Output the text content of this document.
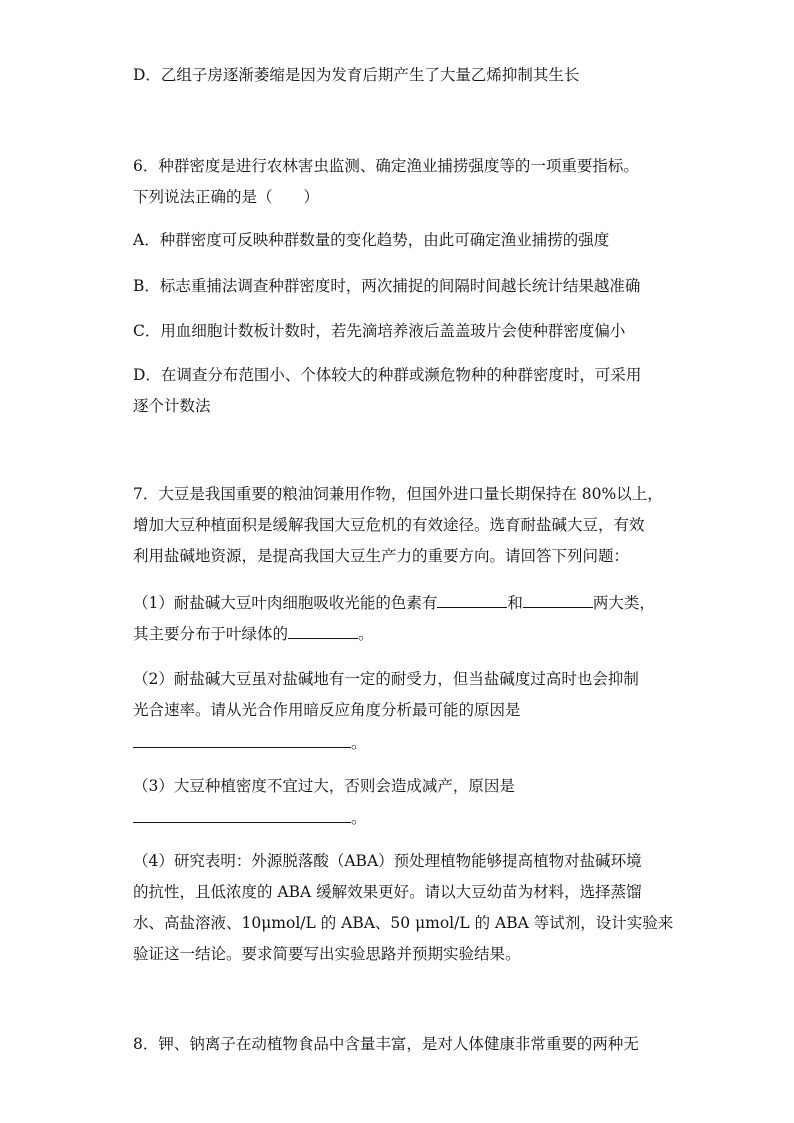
D．乙组子房逐渐萎缩是因为发育后期产生了大量乙烯抑制其生长
6．种群密度是进行农林害虫监测、确定渔业捕捞强度等的一项重要指标。
下列说法正确的是（　　）
A．种群密度可反映种群数量的变化趋势，由此可确定渔业捕捞的强度
B．标志重捕法调查种群密度时，两次捕捉的间隔时间越长统计结果越准确
C．用血细胞计数板计数时，若先滴培养液后盖盖玻片会使种群密度偏小
D．在调查分布范围小、个体较大的种群或濒危物种的种群密度时，可采用
逐个计数法
7．大豆是我国重要的粮油饲兼用作物，但国外进口量长期保持在 80%以上，
增加大豆种植面积是缓解我国大豆危机的有效途径。选育耐盐碱大豆，有效
利用盐碱地资源，是提高我国大豆生产力的重要方向。请回答下列问题：
（1）耐盐碱大豆叶肉细胞吸收光能的色素有	和	两大类，
其主要分布于叶绿体的	。
（2）耐盐碱大豆虽对盐碱地有一定的耐受力，但当盐碱度过高时也会抑制
光合速率。请从光合作用暗反应角度分析最可能的原因是
。
（3）大豆种植密度不宜过大，否则会造成减产，原因是
。
（4）研究表明：外源脱落酸（ABA）预处理植物能够提高植物对盐碱环境
的抗性，且低浓度的 ABA 缓解效果更好。请以大豆幼苗为材料，选择蒸馏
水、高盐溶液、10μmol/L 的 ABA、50 μmol/L 的 ABA 等试剂，设计实验来
验证这一结论。要求简要写出实验思路并预期实验结果。
8．钾、钠离子在动植物食品中含量丰富，是对人体健康非常重要的两种无
